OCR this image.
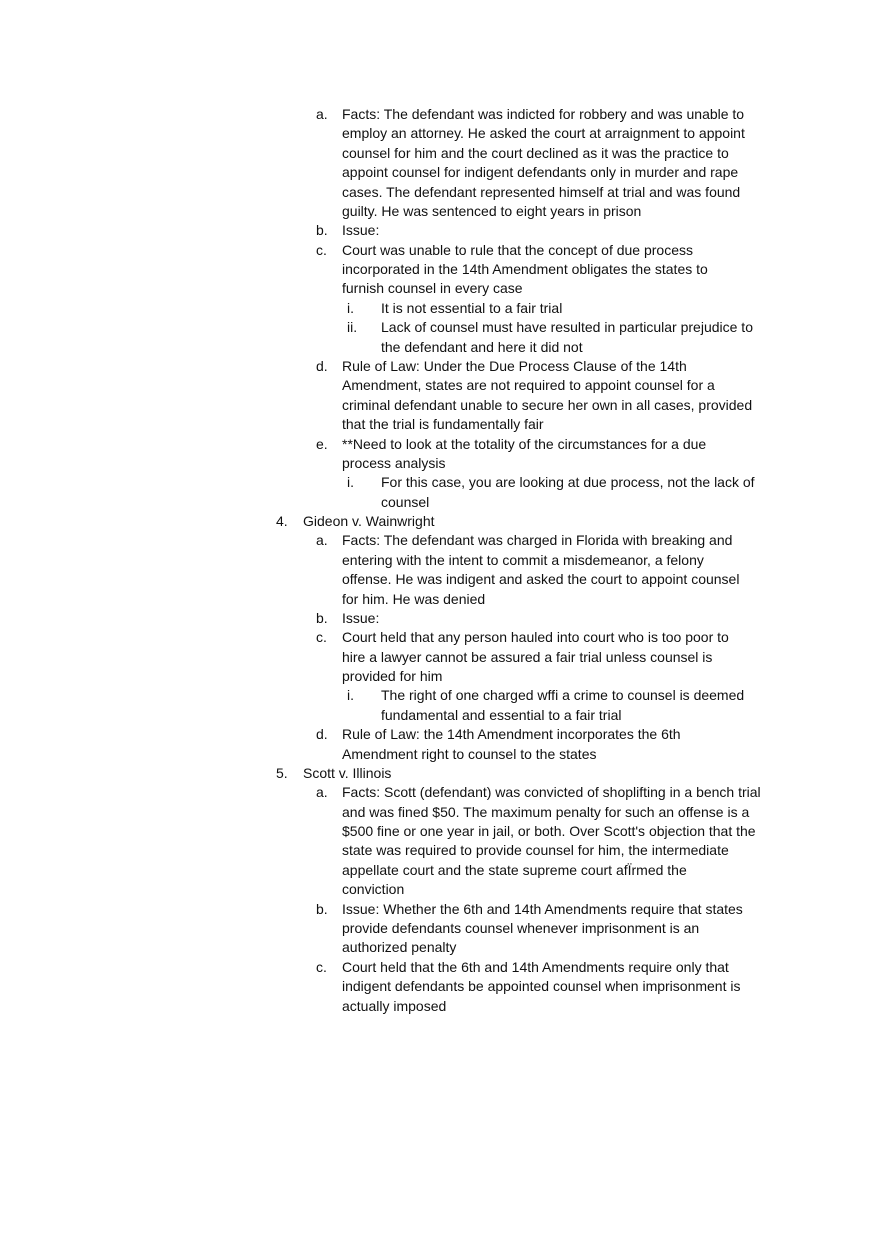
a. Facts: The defendant was indicted for robbery and was unable to
employ an attorney. He asked the court at arraignment to appoint
counsel for him and the court declined as it was the practice to
appoint counsel for indigent defendants only in murder and rape
cases. The defendant represented himself at trial and was found
guilty. He was sentenced to eight years in prison
b. Issue:
c. Court was unable to rule that the concept of due process
incorporated in the 14th Amendment obligates the states to
furnish counsel in every case
i. It is not essential to a fair trial
ii. Lack of counsel must have resulted in particular prejudice to
the defendant and here it did not
d. Rule of Law: Under the Due Process Clause of the 14th
Amendment, states are not required to appoint counsel for a
criminal defendant unable to secure her own in all cases, provided
that the trial is fundamentally fair
e. **Need to look at the totality of the circumstances for a due
process analysis
i. For this case, you are looking at due process, not the lack of
counsel
4. Gideon v. Wainwright
a. Facts: The defendant was charged in Florida with breaking and
entering with the intent to commit a misdemeanor, a felony
offense. He was indigent and asked the court to appoint counsel
for him. He was denied
b. Issue:
c. Court held that any person hauled into court who is too poor to
hire a lawyer cannot be assured a fair trial unless counsel is
provided for him
i. The right of one charged wffi a crime to counsel is deemed
fundamental and essential to a fair trial
d. Rule of Law: the 14th Amendment incorporates the 6th
Amendment right to counsel to the states
5. Scott v. Illinois
a. Facts: Scott (defendant) was convicted of shoplifting in a bench trial
and was fined $50. The maximum penalty for such an offense is a
$500 fine or one year in jail, or both. Over Scott's objection that the
state was required to provide counsel for him, the intermediate
appellate court and the state supreme court afÏrmed the
conviction
b. Issue: Whether the 6th and 14th Amendments require that states
provide defendants counsel whenever imprisonment is an
authorized penalty
c. Court held that the 6th and 14th Amendments require only that
indigent defendants be appointed counsel when imprisonment is
actually imposed
